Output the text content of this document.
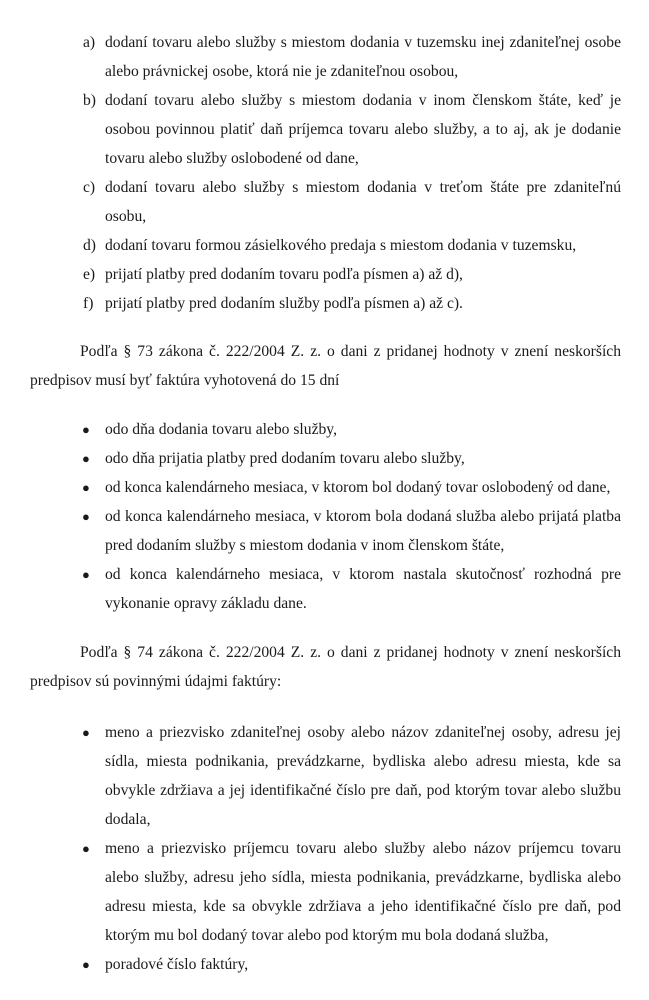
a) dodaní tovaru alebo služby s miestom dodania v tuzemsku inej zdaniteľnej osobe alebo právnickej osobe, ktorá nie je zdaniteľnou osobou,
b) dodaní tovaru alebo služby s miestom dodania v inom členskom štáte, keď je osobou povinnou platiť daň príjemca tovaru alebo služby, a to aj, ak je dodanie tovaru alebo služby oslobodené od dane,
c) dodaní tovaru alebo služby s miestom dodania v treťom štáte pre zdaniteľnú osobu,
d) dodaní tovaru formou zásielkového predaja s miestom dodania v tuzemsku,
e) prijatí platby pred dodaním tovaru podľa písmen a) až d),
f) prijatí platby pred dodaním služby podľa písmen a) až c).

Podľa § 73 zákona č. 222/2004 Z. z. o dani z pridanej hodnoty v znení neskorších predpisov musí byť faktúra vyhotovená do 15 dní

● odo dňa dodania tovaru alebo služby,
● odo dňa prijatia platby pred dodaním tovaru alebo služby,
● od konca kalendárneho mesiaca, v ktorom bol dodaný tovar oslobodený od dane,
● od konca kalendárneho mesiaca, v ktorom bola dodaná služba alebo prijatá platba pred dodaním služby s miestom dodania v inom členskom štáte,
● od konca kalendárneho mesiaca, v ktorom nastala skutočnosť rozhodná pre vykonanie opravy základu dane.

Podľa § 74 zákona č. 222/2004 Z. z. o dani z pridanej hodnoty v znení neskorších predpisov sú povinnými údajmi faktúry:

● meno a priezvisko zdaniteľnej osoby alebo názov zdaniteľnej osoby, adresu jej sídla, miesta podnikania, prevádzkarne, bydliska alebo adresu miesta, kde sa obvykle zdržiava a jej identifikačné číslo pre daň, pod ktorým tovar alebo službu dodala,
● meno a priezvisko príjemcu tovaru alebo služby alebo názov príjemcu tovaru alebo služby, adresu jeho sídla, miesta podnikania, prevádzkarne, bydliska alebo adresu miesta, kde sa obvykle zdržiava a jeho identifikačné číslo pre daň, pod ktorým mu bol dodaný tovar alebo pod ktorým mu bola dodaná služba,
● poradové číslo faktúry,
